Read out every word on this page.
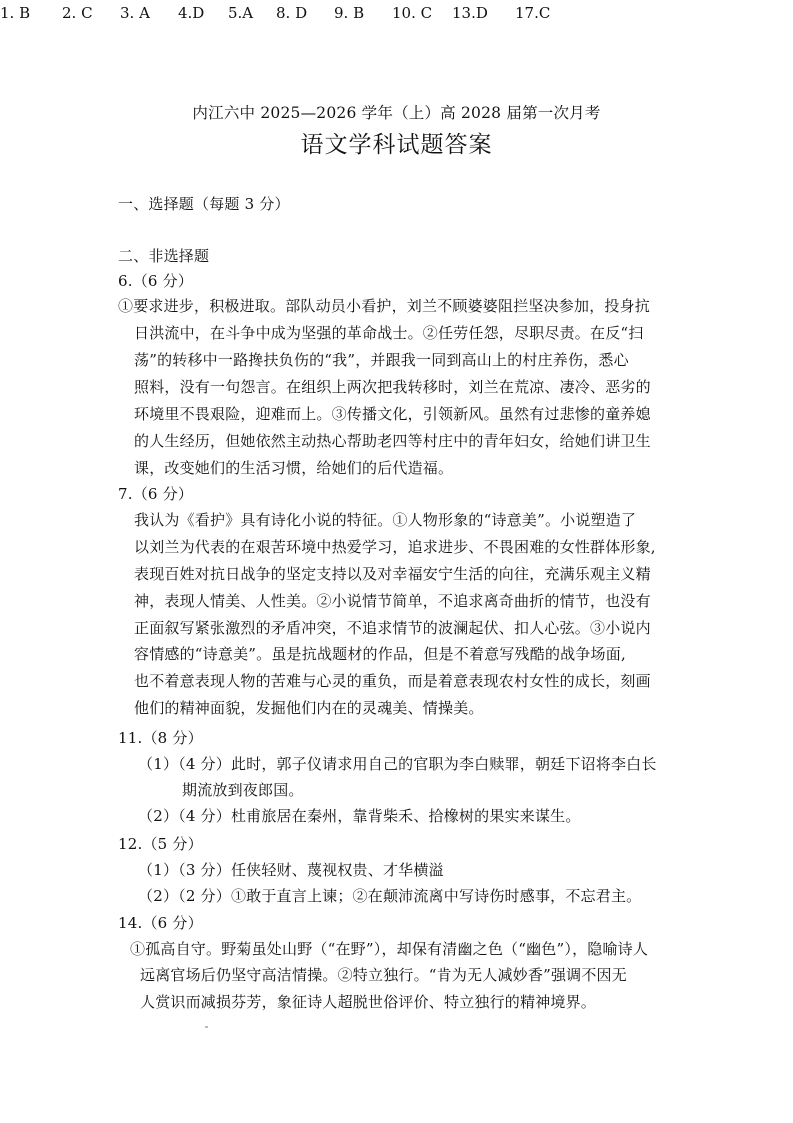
内江六中 2025—2026 学年（上）高 2028 届第一次月考
语文学科试题答案
一、选择题（每题 3 分）
1. B 2. C 3. A 4.D 5.A 8. D 9. B 10. C 13.D 17.C
二、非选择题
6.（6 分）
①要求进步，积极进取。部队动员小看护，刘兰不顾婆婆阻拦坚决参加，投身抗
日洪流中，在斗争中成为坚强的革命战士。②任劳任怨，尽职尽责。在反“扫
荡”的转移中一路搀扶负伤的“我”，并跟我一同到高山上的村庄养伤，悉心
照料，没有一句怨言。在组织上两次把我转移时，刘兰在荒凉、凄冷、恶劣的
环境里不畏艰险，迎难而上。③传播文化，引领新风。虽然有过悲惨的童养媳
的人生经历，但她依然主动热心帮助老四等村庄中的青年妇女，给她们讲卫生
课，改变她们的生活习惯，给她们的后代造福。
7.（6 分）
我认为《看护》具有诗化小说的特征。①人物形象的“诗意美”。小说塑造了
以刘兰为代表的在艰苦环境中热爱学习，追求进步、不畏困难的女性群体形象,
表现百姓对抗日战争的坚定支持以及对幸福安宁生活的向往，充满乐观主义精
神，表现人情美、人性美。②小说情节简单，不追求离奇曲折的情节，也没有
正面叙写紧张激烈的矛盾冲突，不追求情节的波澜起伏、扣人心弦。③小说内
容情感的“诗意美”。虽是抗战题材的作品，但是不着意写残酷的战争场面,
也不着意表现人物的苦难与心灵的重负，而是着意表现农村女性的成长，刻画
他们的精神面貌，发掘他们内在的灵魂美、情操美。
11.（8 分）
（1）（4 分）此时，郭子仪请求用自己的官职为李白赎罪，朝廷下诏将李白长
期流放到夜郎国。
（2）（4 分）杜甫旅居在秦州，靠背柴禾、拾橡树的果实来谋生。
12.（5 分）
（1）（3 分）任侠轻财、蔑视权贵、才华横溢
（2）（2 分）①敢于直言上谏；②在颠沛流离中写诗伤时感事，不忘君主。
14.（6 分）
①孤高自守。野菊虽处山野（“在野”），却保有清幽之色（“幽色”），隐喻诗人
远离官场后仍坚守高洁情操。②特立独行。“肯为无人减妙香”强调不因无
人赏识而减损芬芳，象征诗人超脱世俗评价、特立独行的精神境界。
